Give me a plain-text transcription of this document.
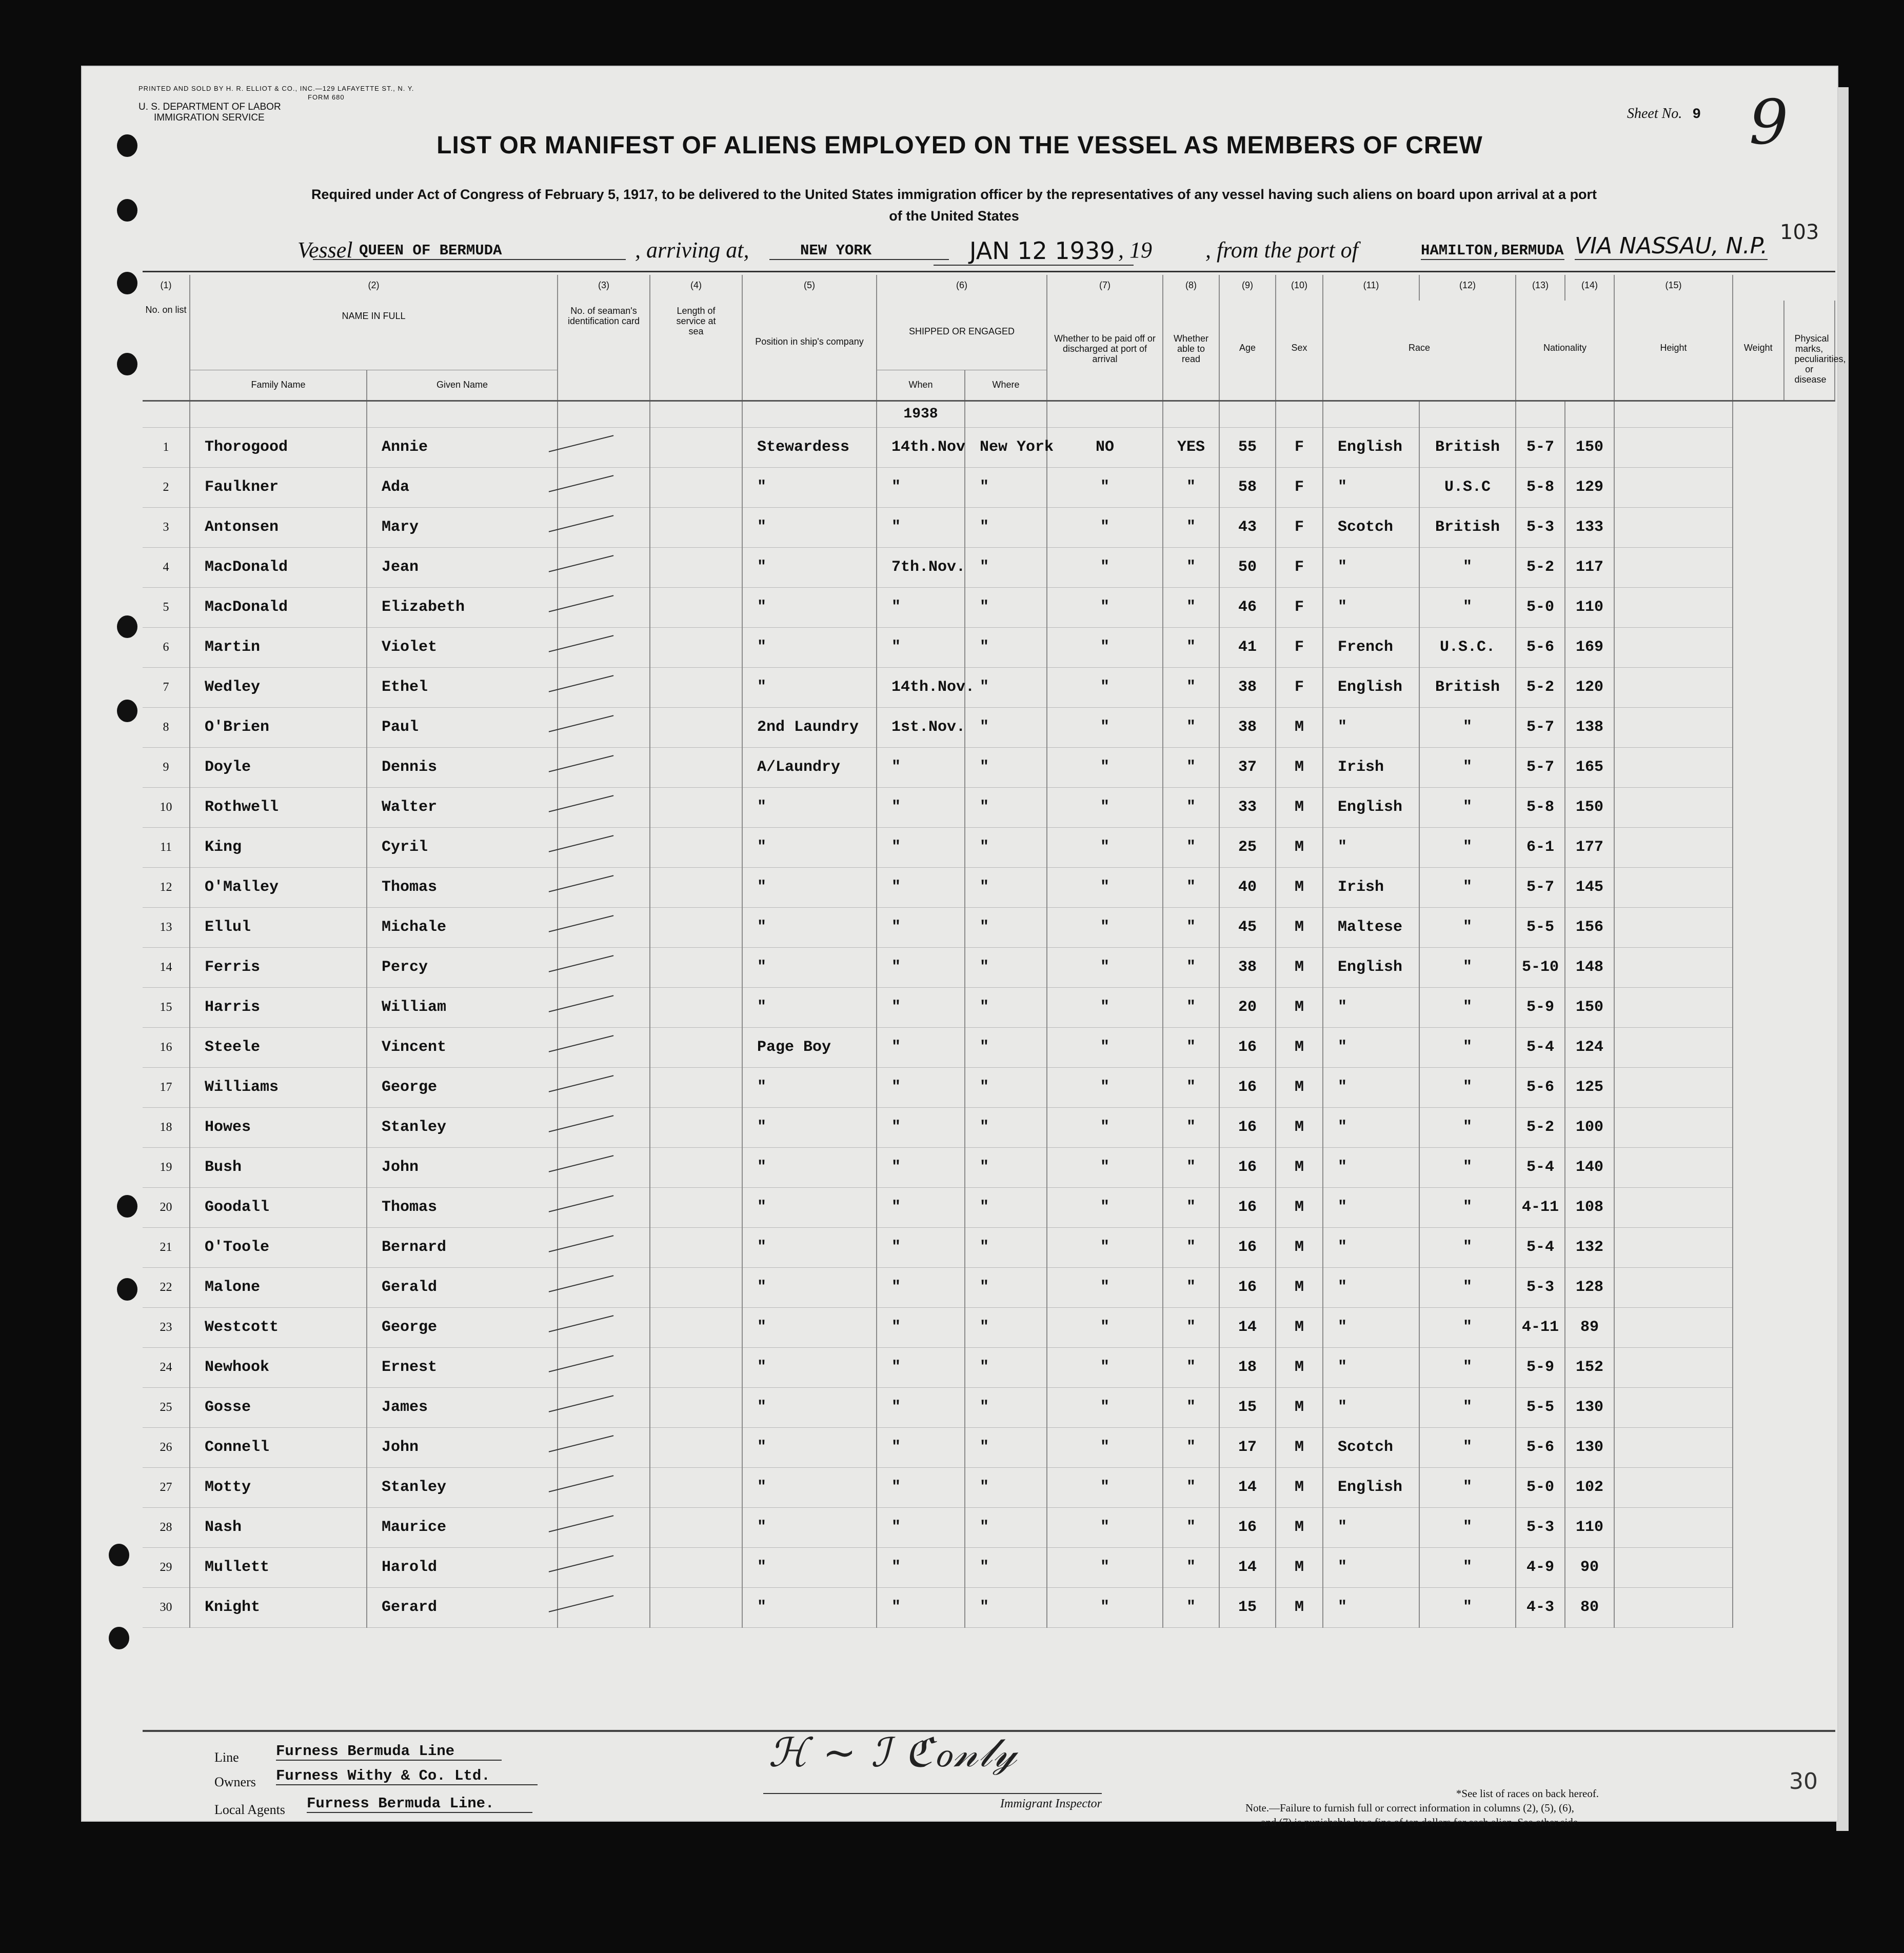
PRINTED AND SOLD BY H. R. ELLIOT & CO., INC.—129 LAFAYETTE ST., N. Y.
FORM 680
U. S. DEPARTMENT OF LABOR
IMMIGRATION SERVICE	Sheet No. 9 9
103
LIST OR MANIFEST OF ALIENS EMPLOYED ON THE VESSEL AS MEMBERS OF CREW
Required under Act of Congress of February 5, 1917, to be delivered to the United States immigration officer by the representatives of any vessel having such aliens on board upon arrival at a port
of the United States
Vessel QUEEN OF BERMUDA	, arriving at,	NEW YORK	JAN 12 1939 , 19 , from the port of	HAMILTON,BERMUDA VIA NASSAU, N.P.
(1)	(2)		(3)	(4)	(5)	(6)		(7)	(8)	(9)	(10)	(11)	(12)	(13)	(14)	(15)		
No. on list	NAME IN FULL		No. of seaman's identification card	Length of service at sea	Position in ship's company	SHIPPED OR ENGAGED		Whether to be paid off or discharged at port of arrival	Whether able to read	Age	Sex	Race		Nationality		Height	Weight	Physical marks, peculiarities, or disease
	Family Name	Given Name				When	Where											
						1938												
1	Thorogood	Annie			Stewardess	14th.Nov	New York	NO	YES	55	F	English	British	5-7	150			
2	Faulkner	Ada			"	"	"	"	"	58	F	"	U.S.C	5-8	129			
3	Antonsen	Mary			"	"	"	"	"	43	F	Scotch	British	5-3	133			
4	MacDonald	Jean			"	7th.Nov.	"	"	"	50	F	"	"	5-2	117			
5	MacDonald	Elizabeth			"	"	"	"	"	46	F	"	"	5-0	110			
6	Martin	Violet			"	"	"	"	"	41	F	French	U.S.C.	5-6	169			
7	Wedley	Ethel			"	14th.Nov.	"	"	"	38	F	English	British	5-2	120			
8	O'Brien	Paul			2nd Laundry	1st.Nov.	"	"	"	38	M	"	"	5-7	138			
9	Doyle	Dennis			A/Laundry	"	"	"	"	37	M	Irish	"	5-7	165			
10	Rothwell	Walter			"	"	"	"	"	33	M	English	"	5-8	150			
11	King	Cyril			"	"	"	"	"	25	M	"	"	6-1	177			
12	O'Malley	Thomas			"	"	"	"	"	40	M	Irish	"	5-7	145			
13	Ellul	Michale			"	"	"	"	"	45	M	Maltese	"	5-5	156			
14	Ferris	Percy			"	"	"	"	"	38	M	English	"	5-10	148			
15	Harris	William			"	"	"	"	"	20	M	"	"	5-9	150			
16	Steele	Vincent			Page Boy	"	"	"	"	16	M	"	"	5-4	124			
17	Williams	George			"	"	"	"	"	16	M	"	"	5-6	125			
18	Howes	Stanley			"	"	"	"	"	16	M	"	"	5-2	100			
19	Bush	John			"	"	"	"	"	16	M	"	"	5-4	140			
20	Goodall	Thomas			"	"	"	"	"	16	M	"	"	4-11	108			
21	O'Toole	Bernard			"	"	"	"	"	16	M	"	"	5-4	132			
22	Malone	Gerald			"	"	"	"	"	16	M	"	"	5-3	128			
23	Westcott	George			"	"	"	"	"	14	M	"	"	4-11	89			
24	Newhook	Ernest			"	"	"	"	"	18	M	"	"	5-9	152			
25	Gosse	James			"	"	"	"	"	15	M	"	"	5-5	130			
26	Connell	John			"	"	"	"	"	17	M	Scotch	"	5-6	130			
27	Motty	Stanley			"	"	"	"	"	14	M	English	"	5-0	102			
28	Nash	Maurice			"	"	"	"	"	16	M	"	"	5-3	110			
29	Mullett	Harold			"	"	"	"	"	14	M	"	"	4-9	90			
30	Knight	Gerard			"	"	"	"	"	15	M	"	"	4-3	80			
Line Furness Bermuda Line
Owners Furness Withy & Co. Ltd.
Local Agents Furness Bermuda Line.
ℋ ~ ℐ ℭℴ𝓃𝓁𝓎
Immigrant Inspector
*See list of races on back hereof.
Note.—Failure to furnish full or correct information in columns (2), (5), (6),
and (7) is punishable by a fine of ten dollars for each alien. See other side.
30
